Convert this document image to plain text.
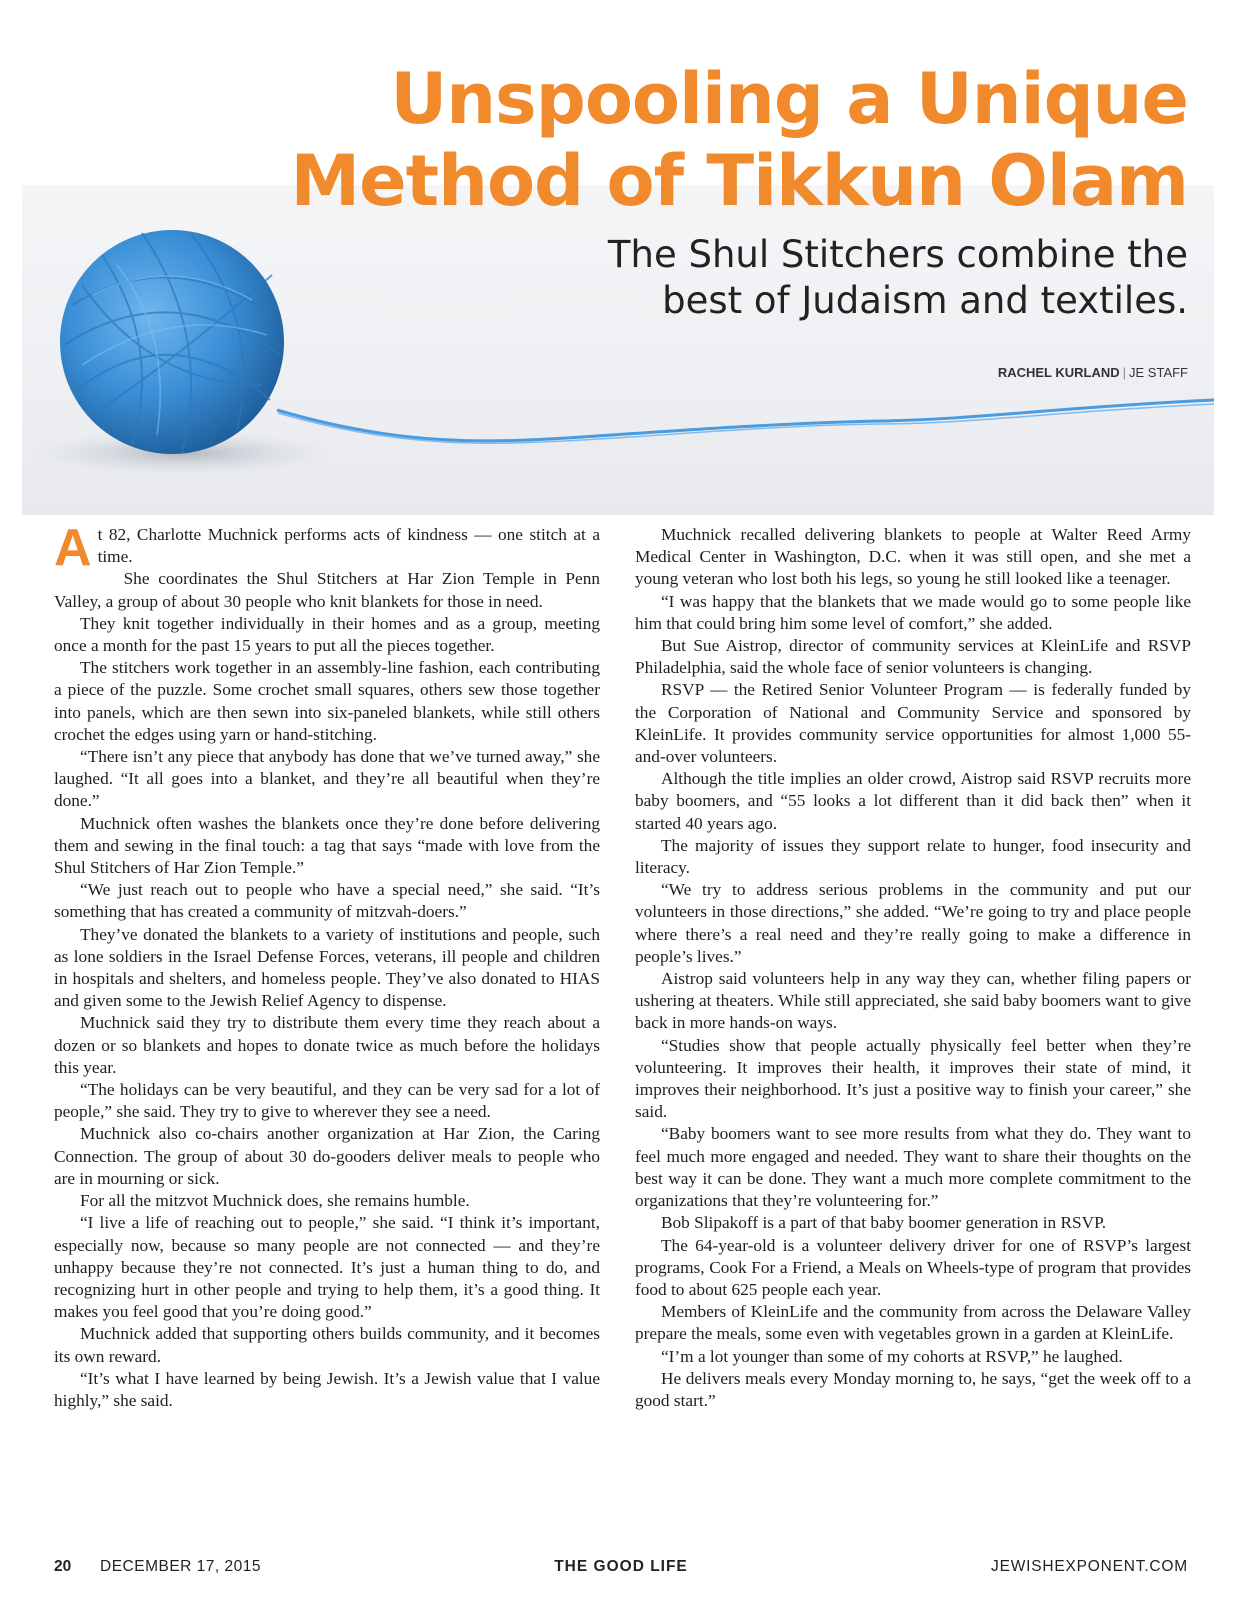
Unspooling a Unique
Method of Tikkun Olam
The Shul Stitchers combine the
best of Judaism and textiles.
RACHEL KURLAND | JE STAFF

At 82, Charlotte Muchnick performs acts of kindness — one stitch at a time.

She coordinates the Shul Stitchers at Har Zion Temple in Penn Valley, a group of about 30 people who knit blankets for those in need.

They knit together individually in their homes and as a group, meeting once a month for the past 15 years to put all the pieces together.

The stitchers work together in an assembly-line fashion, each contributing a piece of the puzzle. Some crochet small squares, others sew those together into panels, which are then sewn into six-paneled blankets, while still others crochet the edges using yarn or hand-stitching.

“There isn’t any piece that anybody has done that we’ve turned away,” she laughed. “It all goes into a blanket, and they’re all beautiful when they’re done.”

Muchnick often washes the blankets once they’re done before delivering them and sewing in the final touch: a tag that says “made with love from the Shul Stitchers of Har Zion Temple.”

“We just reach out to people who have a special need,” she said. “It’s something that has created a community of mitzvah-doers.”

They’ve donated the blankets to a variety of institutions and people, such as lone soldiers in the Israel Defense Forces, veterans, ill people and children in hospitals and shelters, and homeless people. They’ve also donated to HIAS and given some to the Jewish Relief Agency to dispense.

Muchnick said they try to distribute them every time they reach about a dozen or so blankets and hopes to donate twice as much before the holidays this year.

“The holidays can be very beautiful, and they can be very sad for a lot of people,” she said. They try to give to wherever they see a need.

Muchnick also co-chairs another organization at Har Zion, the Caring Connection. The group of about 30 do-gooders deliver meals to people who are in mourning or sick.

For all the mitzvot Muchnick does, she remains humble.

“I live a life of reaching out to people,” she said. “I think it’s important, especially now, because so many people are not connected — and they’re unhappy because they’re not connected. It’s just a human thing to do, and recognizing hurt in other people and trying to help them, it’s a good thing. It makes you feel good that you’re doing good.”

Muchnick added that supporting others builds community, and it becomes its own reward.

“It’s what I have learned by being Jewish. It’s a Jewish value that I value highly,” she said.

Muchnick recalled delivering blankets to people at Walter Reed Army Medical Center in Washington, D.C. when it was still open, and she met a young veteran who lost both his legs, so young he still looked like a teenager.

“I was happy that the blankets that we made would go to some people like him that could bring him some level of comfort,” she added.

But Sue Aistrop, director of community services at KleinLife and RSVP Philadelphia, said the whole face of senior volunteers is changing.

RSVP — the Retired Senior Volunteer Program — is federally funded by the Corporation of National and Community Service and sponsored by KleinLife. It provides community service opportunities for almost 1,000 55-and-over volunteers.

Although the title implies an older crowd, Aistrop said RSVP recruits more baby boomers, and “55 looks a lot different than it did back then” when it started 40 years ago.

The majority of issues they support relate to hunger, food insecurity and literacy.

“We try to address serious problems in the community and put our volunteers in those directions,” she added. “We’re going to try and place people where there’s a real need and they’re really going to make a difference in people’s lives.”

Aistrop said volunteers help in any way they can, whether filing papers or ushering at theaters. While still appreciated, she said baby boomers want to give back in more hands-on ways.

“Studies show that people actually physically feel better when they’re volunteering. It improves their health, it improves their state of mind, it improves their neighborhood. It’s just a positive way to finish your career,” she said.

“Baby boomers want to see more results from what they do. They want to feel much more engaged and needed. They want to share their thoughts on the best way it can be done. They want a much more complete commitment to the organizations that they’re volunteering for.”

Bob Slipakoff is a part of that baby boomer generation in RSVP.

The 64-year-old is a volunteer delivery driver for one of RSVP’s largest programs, Cook For a Friend, a Meals on Wheels-type of program that provides food to about 625 people each year.

Members of KleinLife and the community from across the Delaware Valley prepare the meals, some even with vegetables grown in a garden at KleinLife.

“I’m a lot younger than some of my cohorts at RSVP,” he laughed.

He delivers meals every Monday morning to, he says, “get the week off to a good start.”

20 DECEMBER 17, 2015	THE GOOD LIFE	JEWISHEXPONENT.COM
